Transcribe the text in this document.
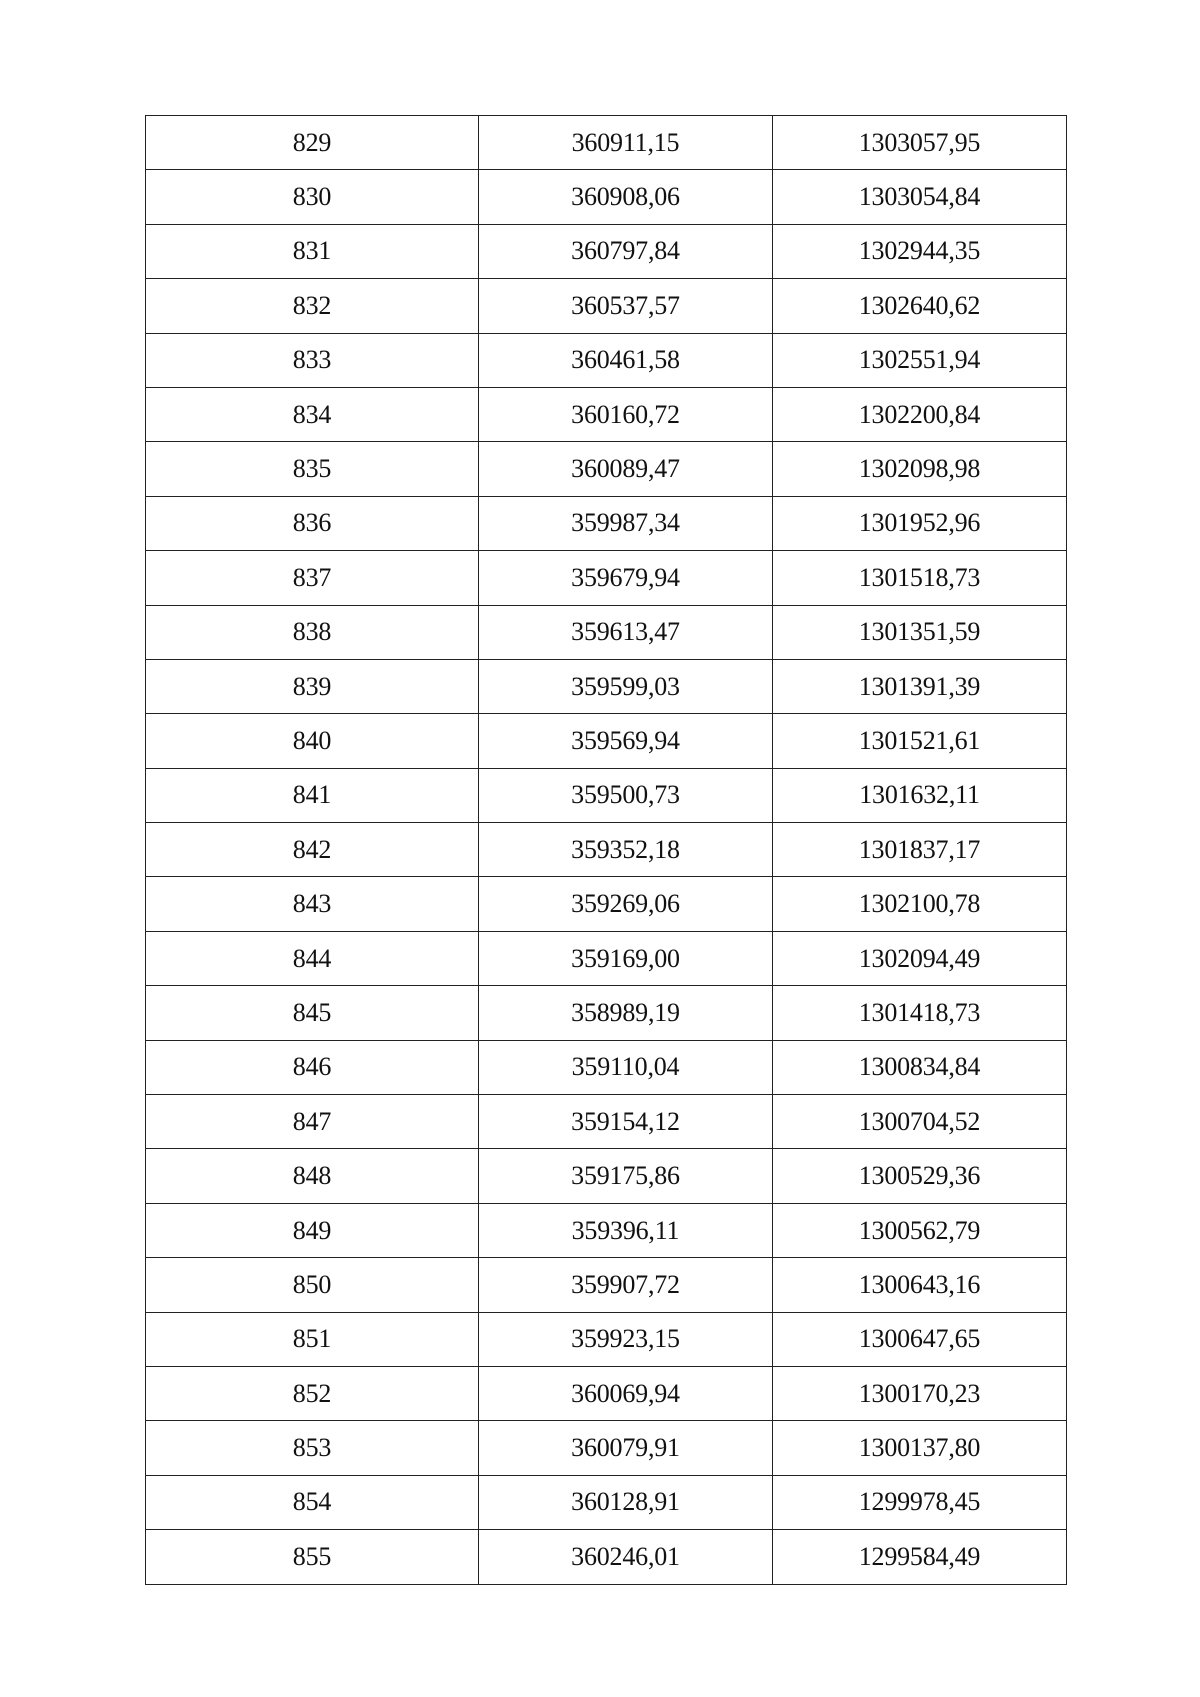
829	360911,15	1303057,95
830	360908,06	1303054,84
831	360797,84	1302944,35
832	360537,57	1302640,62
833	360461,58	1302551,94
834	360160,72	1302200,84
835	360089,47	1302098,98
836	359987,34	1301952,96
837	359679,94	1301518,73
838	359613,47	1301351,59
839	359599,03	1301391,39
840	359569,94	1301521,61
841	359500,73	1301632,11
842	359352,18	1301837,17
843	359269,06	1302100,78
844	359169,00	1302094,49
845	358989,19	1301418,73
846	359110,04	1300834,84
847	359154,12	1300704,52
848	359175,86	1300529,36
849	359396,11	1300562,79
850	359907,72	1300643,16
851	359923,15	1300647,65
852	360069,94	1300170,23
853	360079,91	1300137,80
854	360128,91	1299978,45
855	360246,01	1299584,49
